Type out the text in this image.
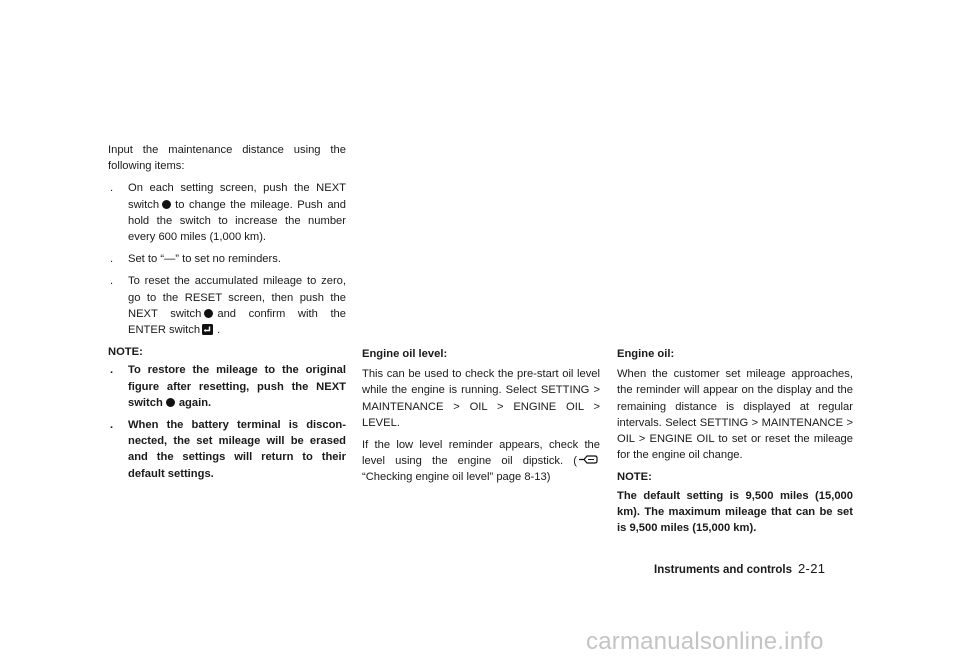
Input the maintenance distance using the following items:

. On each setting screen, push the NEXT switch to change the mileage. Push and hold the switch to increase the number every 600 miles (1,000 km).
. Set to “—” to set no reminders.
. To reset the accumulated mileage to zero, go to the RESET screen, then push the NEXT switch and confirm with the ENTER switch .
NOTE:
. To restore the mileage to the original figure after resetting, push the NEXT switch again.
. When the battery terminal is discon-nected, the set mileage will be erased and the settings will return to their default settings.
Engine oil level:

This can be used to check the pre-start oil level while the engine is running. Select SETTING > MAINTENANCE > OIL > ENGINE OIL > LEVEL.

If the low level reminder appears, check the level using the engine oil dipstick. (“Checking engine oil level” page 8-13)

Engine oil:

When the customer set mileage approaches, the reminder will appear on the display and the remaining distance is displayed at regular intervals. Select SETTING > MAINTENANCE > OIL > ENGINE OIL to set or reset the mileage for the engine oil change.

NOTE:

The default setting is 9,500 miles (15,000 km). The maximum mileage that can be set is 9,500 miles (15,000 km).

Instruments and controls 2-21
carmanualsonline.info
